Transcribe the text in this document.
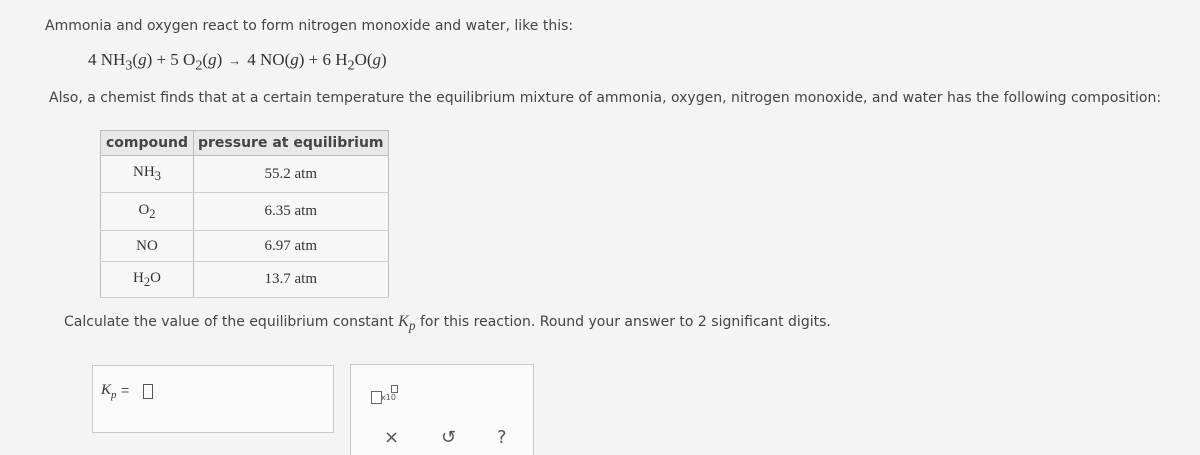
Ammonia and oxygen react to form nitrogen monoxide and water, like this:
4 $NH_3(g) + 5$ $O_2(g) \to 4$ NO(g) + 6 $H_2O(g)$
Also, a chemist finds that at a certain temperature the equilibrium mixture of ammonia, oxygen, nitrogen monoxide, and water has the following composition:
compound	pressure at equilibrium
$NH_3$	55.2 atm
$O_2$	6.35 atm
NO	6.97 atm
$H_2O$	13.7 atm
Calculate the value of the equilibrium constant $K_p$ for this reaction. Round your answer to 2 significant digits.
$K_p$ =	x10
× ↺ ?
